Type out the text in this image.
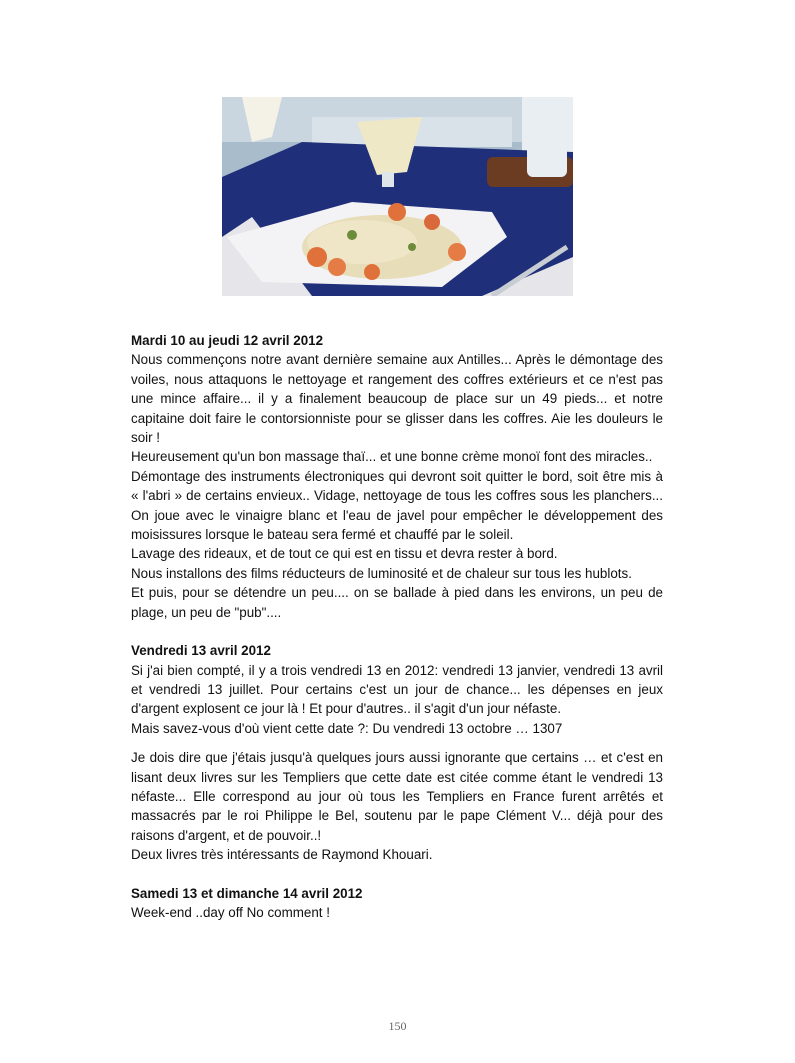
Mardi 10 au jeudi 12 avril 2012

Nous commençons notre avant dernière semaine aux Antilles... Après le démontage des voiles, nous attaquons le nettoyage et rangement des coffres extérieurs et ce n'est pas une mince affaire... il y a finalement beaucoup de place sur un 49 pieds... et notre capitaine doit faire le contorsionniste pour se glisser dans les coffres. Aie les douleurs le soir !

Heureusement qu'un bon massage thaï... et une bonne crème monoï font des miracles..

Démontage des instruments électroniques qui devront soit quitter le bord, soit être mis à « l'abri » de certains envieux.. Vidage, nettoyage de tous les coffres sous les planchers... On joue avec le vinaigre blanc et l'eau de javel pour empêcher le développement des moisissures lorsque le bateau sera fermé et chauffé par le soleil.

Lavage des rideaux, et de tout ce qui est en tissu et devra rester à bord.

Nous installons des films réducteurs de luminosité et de chaleur sur tous les hublots.

Et puis, pour se détendre un peu.... on se ballade à pied dans les environs, un peu de plage, un peu de "pub"....

Vendredi 13 avril 2012

Si j'ai bien compté, il y a trois vendredi 13 en 2012: vendredi 13 janvier, vendredi 13 avril et vendredi 13 juillet. Pour certains c'est un jour de chance... les dépenses en jeux d'argent explosent ce jour là ! Et pour d'autres.. il s'agit d'un jour néfaste.

Mais savez-vous d'où vient cette date ?: Du vendredi 13 octobre … 1307

Je dois dire que j'étais jusqu'à quelques jours aussi ignorante que certains … et c'est en lisant deux livres sur les Templiers que cette date est citée comme étant le vendredi 13 néfaste... Elle correspond au jour où tous les Templiers en France furent arrêtés et massacrés par le roi Philippe le Bel, soutenu par le pape Clément V... déjà pour des raisons d'argent, et de pouvoir..!

Deux livres très intéressants de Raymond Khouari.

Samedi 13 et dimanche 14 avril 2012

Week-end ..day off No comment !

150
